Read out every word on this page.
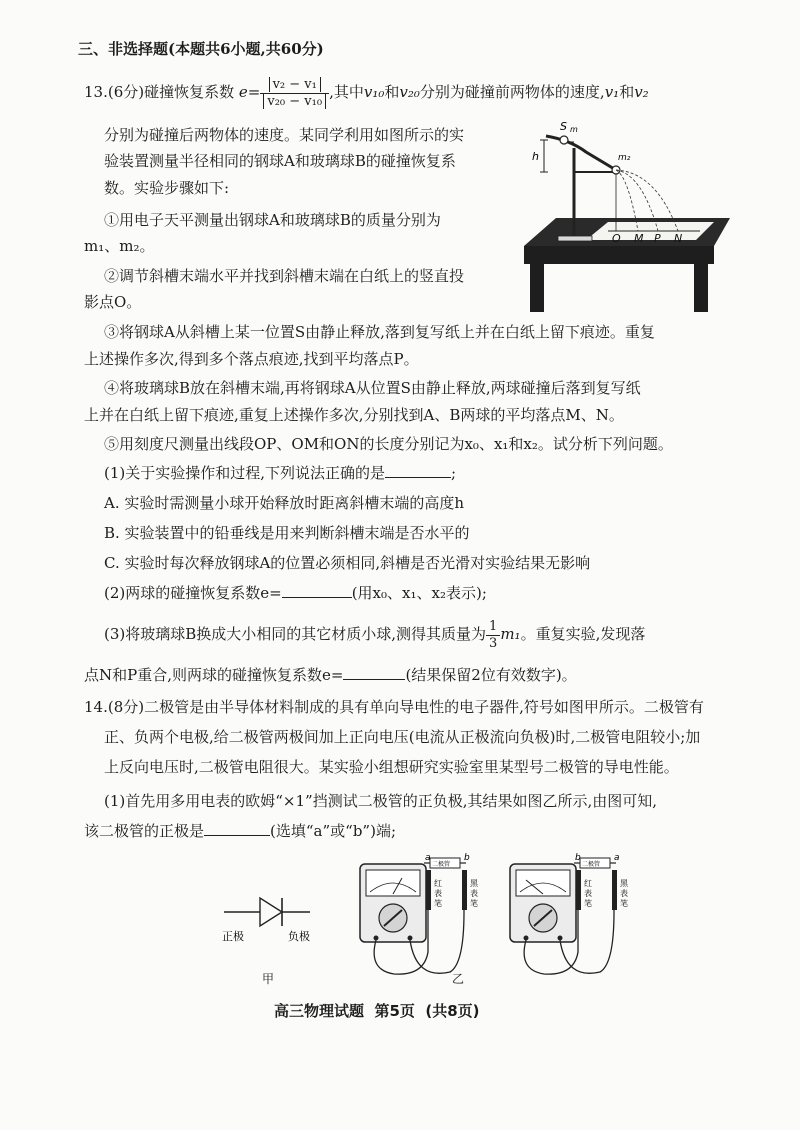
三、非选择题(本题共6小题,共60分)
13.(6分)碰撞恢复系数 $e= \frac{\text{v₂ − v₁}}{\text{v₂₀ − v₁₀}}$ ,其中v₁₀和v₂₀分别为碰撞前两物体的速度,v₁和v₂
分别为碰撞后两物体的速度。某同学利用如图所示的实
验装置测量半径相同的钢球A和玻璃球B的碰撞恢复系
数。实验步骤如下:
①用电子天平测量出钢球A和玻璃球B的质量分别为
m₁、m₂。
②调节斜槽末端水平并找到斜槽末端在白纸上的竖直投
影点O。
③将钢球A从斜槽上某一位置S由静止释放,落到复写纸上并在白纸上留下痕迹。重复
上述操作多次,得到多个落点痕迹,找到平均落点P。
④将玻璃球B放在斜槽末端,再将钢球A从位置S由静止释放,两球碰撞后落到复写纸
上并在白纸上留下痕迹,重复上述操作多次,分别找到A、B两球的平均落点M、N。
⑤用刻度尺测量出线段OP、OM和ON的长度分别记为x₀、x₁和x₂。试分析下列问题。
(1)关于实验操作和过程,下列说法正确的是	;
A. 实验时需测量小球开始释放时距离斜槽末端的高度h
B. 实验装置中的铅垂线是用来判断斜槽末端是否水平的
C. 实验时每次释放钢球A的位置必须相同,斜槽是否光滑对实验结果无影响
(2)两球的碰撞恢复系数e=	(用x₀、x₁、x₂表示);
(3)将玻璃球B换成大小相同的其它材质小球,测得其质量为 $\frac{1}{3} m_1$。重复实验,发现落
点N和P重合,则两球的碰撞恢复系数e=	(结果保留2位有效数字)。
S m
h	m₂
O M P N
14.(8分)二极管是由半导体材料制成的具有单向导电性的电子器件,符号如图甲所示。二极管有
正、负两个电极,给二极管两极间加上正向电压(电流从正极流向负极)时,二极管电阻较小;加
上反向电压时,二极管电阻很大。某实验小组想研究实验室里某型号二极管的导电性能。
(1)首先用多用电表的欧姆“×1”挡测试二极管的正负极,其结果如图乙所示,由图可知,
该二极管的正极是	(选填“a”或“b”)端;
正极	负极
甲
a	b
二极管
红
表
笔
黑
表
笔
b	a
二极管
红
表
笔
黑
表
笔
乙
高三物理试题 第5页 (共8页)
